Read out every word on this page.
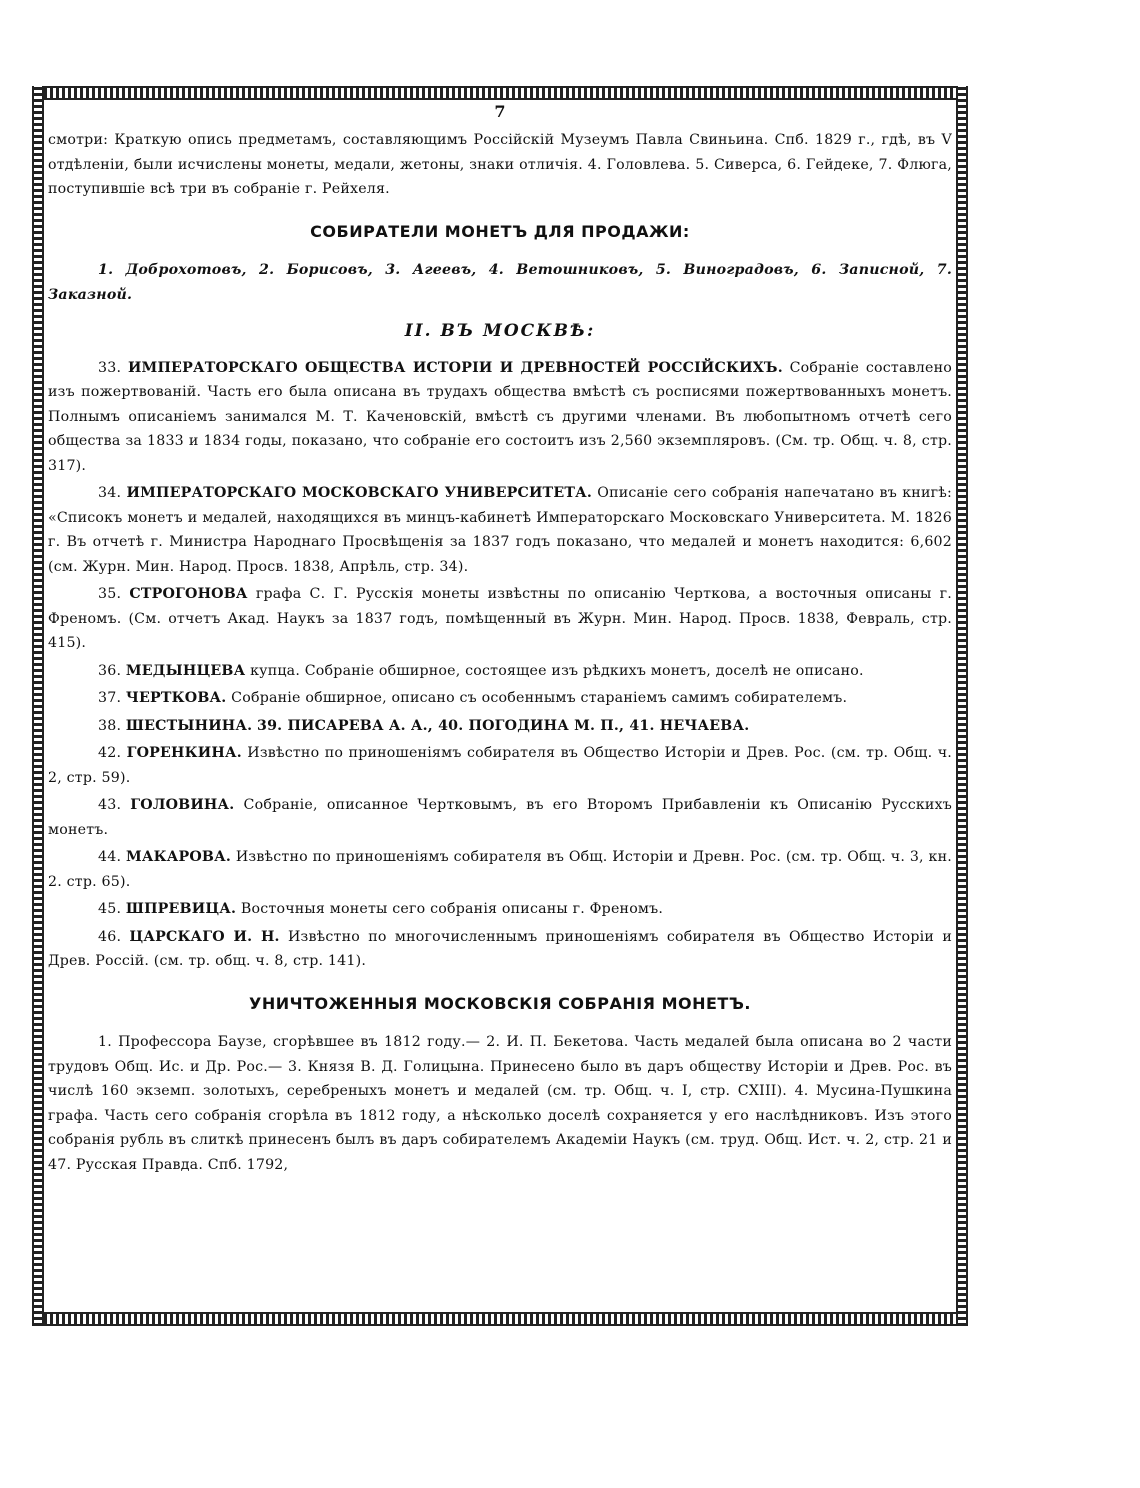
7

смотри: Краткую опись предметамъ, составляющимъ Россійскій Музеумъ Павла Свиньина. Спб. 1829 г., гдѣ, въ V отдѣленіи, были исчислены монеты, медали, жетоны, знаки отличія. 4. Головлева. 5. Сиверса, 6. Гейдеке, 7. Флюга, поступившіе всѣ три въ собраніе г. Рейхеля.

СОБИРАТЕЛИ МОНЕТЪ ДЛЯ ПРОДАЖИ:

1. Доброхотовъ, 2. Борисовъ, 3. Агеевъ, 4. Ветошниковъ, 5. Виноградовъ, 6. Записной, 7. Заказной.

II. ВЪ МОСКВѢ:

33. ИМПЕРАТОРСКАГО ОБЩЕСТВА ИСТОРІИ И ДРЕВНОСТЕЙ РОССІЙСКИХЪ. Собраніе составлено изъ пожертвованій. Часть его была описана въ трудахъ общества вмѣстѣ съ росписями пожертвованныхъ монетъ. Полнымъ описаніемъ занимался М. Т. Каченовскій, вмѣстѣ съ другими членами. Въ любопытномъ отчетѣ сего общества за 1833 и 1834 годы, показано, что собраніе его состоитъ изъ 2,560 экземпляровъ. (См. тр. Общ. ч. 8, стр. 317).

34. ИМПЕРАТОРСКАГО МОСКОВСКАГО УНИВЕРСИТЕТА. Описаніе сего собранія напечатано въ книгѣ: «Списокъ монетъ и медалей, находящихся въ минцъ-кабинетѣ Императорскаго Московскаго Университета. М. 1826 г. Въ отчетѣ г. Министра Народнаго Просвѣщенія за 1837 годъ показано, что медалей и монетъ находится: 6,602 (см. Журн. Мин. Народ. Просв. 1838, Апрѣль, стр. 34).

35. СТРОГОНОВА графа С. Г. Русскія монеты извѣстны по описанію Черткова, а восточныя описаны г. Френомъ. (См. отчетъ Акад. Наукъ за 1837 годъ, помѣщенный въ Журн. Мин. Народ. Просв. 1838, Февраль, стр. 415).

36. МЕДЫНЦЕВА купца. Собраніе обширное, состоящее изъ рѣдкихъ монетъ, доселѣ не описано.

37. ЧЕРТКОВА. Собраніе обширное, описано съ особеннымъ стараніемъ самимъ собирателемъ.

38. ШЕСТЫНИНА. 39. ПИСАРЕВА А. А., 40. ПОГОДИНА М. П., 41. НЕЧАЕВА.

42. ГОРЕНКИНА. Извѣстно по приношеніямъ собирателя въ Общество Исторіи и Древ. Рос. (см. тр. Общ. ч. 2, стр. 59).

43. ГОЛОВИНА. Собраніе, описанное Чертковымъ, въ его Второмъ Прибавленіи къ Описанію Русскихъ монетъ.

44. МАКАРОВА. Извѣстно по приношеніямъ собирателя въ Общ. Исторіи и Древн. Рос. (см. тр. Общ. ч. 3, кн. 2. стр. 65).

45. ШПРЕВИЦА. Восточныя монеты сего собранія описаны г. Френомъ.

46. ЦАРСКАГО И. Н. Извѣстно по многочисленнымъ приношеніямъ собирателя въ Общество Исторіи и Древ. Россій. (см. тр. общ. ч. 8, стр. 141).

УНИЧТОЖЕННЫЯ МОСКОВСКІЯ СОБРАНІЯ МОНЕТЪ.

1. Профессора Баузе, сгорѣвшее въ 1812 году.— 2. И. П. Бекетова. Часть медалей была описана во 2 части трудовъ Общ. Ис. и Др. Рос.— 3. Князя В. Д. Голицына. Принесено было въ даръ обществу Исторіи и Древ. Рос. въ числѣ 160 экземп. золотыхъ, серебреныхъ монетъ и медалей (см. тр. Общ. ч. I, стр. CXIII). 4. Мусина-Пушкина графа. Часть сего собранія сгорѣла въ 1812 году, а нѣсколько доселѣ сохраняется у его наслѣдниковъ. Изъ этого собранія рубль въ слиткѣ принесенъ былъ въ даръ собирателемъ Академіи Наукъ (см. труд. Общ. Ист. ч. 2, стр. 21 и 47. Русская Правда. Спб. 1792,
